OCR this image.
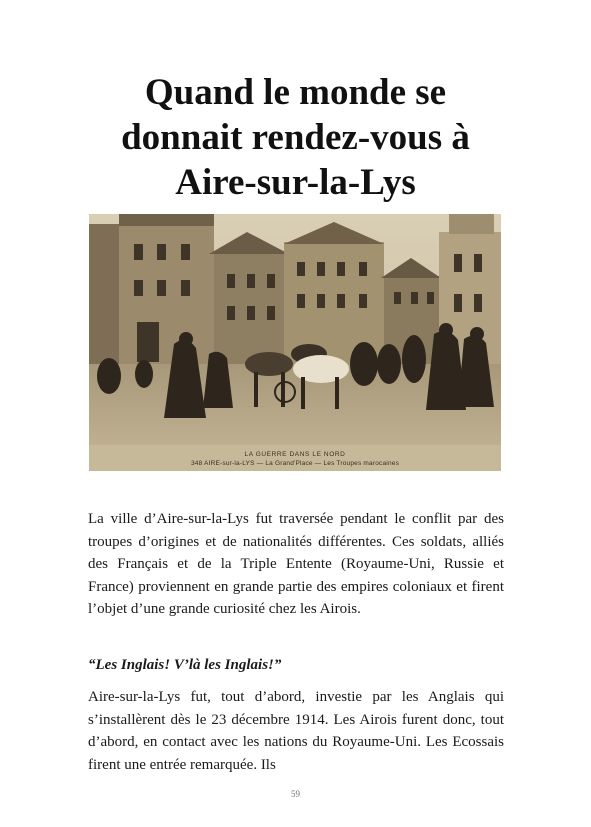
Quand le monde se
donnait rendez-vous à
Aire-sur-la-Lys
LA GUERRE DANS LE NORD
348 AIRE-sur-la-LYS — La Grand'Place — Les Troupes marocaines

La ville d’Aire-sur-la-Lys fut traversée pendant le conflit par des troupes d’origines et de nationalités différentes. Ces soldats, alliés des Français et de la Triple Entente (Royaume-Uni, Russie et France) proviennent en grande partie des empires coloniaux et firent l’objet d’une grande curiosité chez les Airois.

“Les Inglais! V’là les Inglais!”

Aire-sur-la-Lys fut, tout d’abord, investie par les Anglais qui s’installèrent dès le 23 décembre 1914. Les Airois furent donc, tout d’abord, en contact avec les nations du Royaume-Uni. Les Ecossais firent une entrée remarquée. Ils

59
